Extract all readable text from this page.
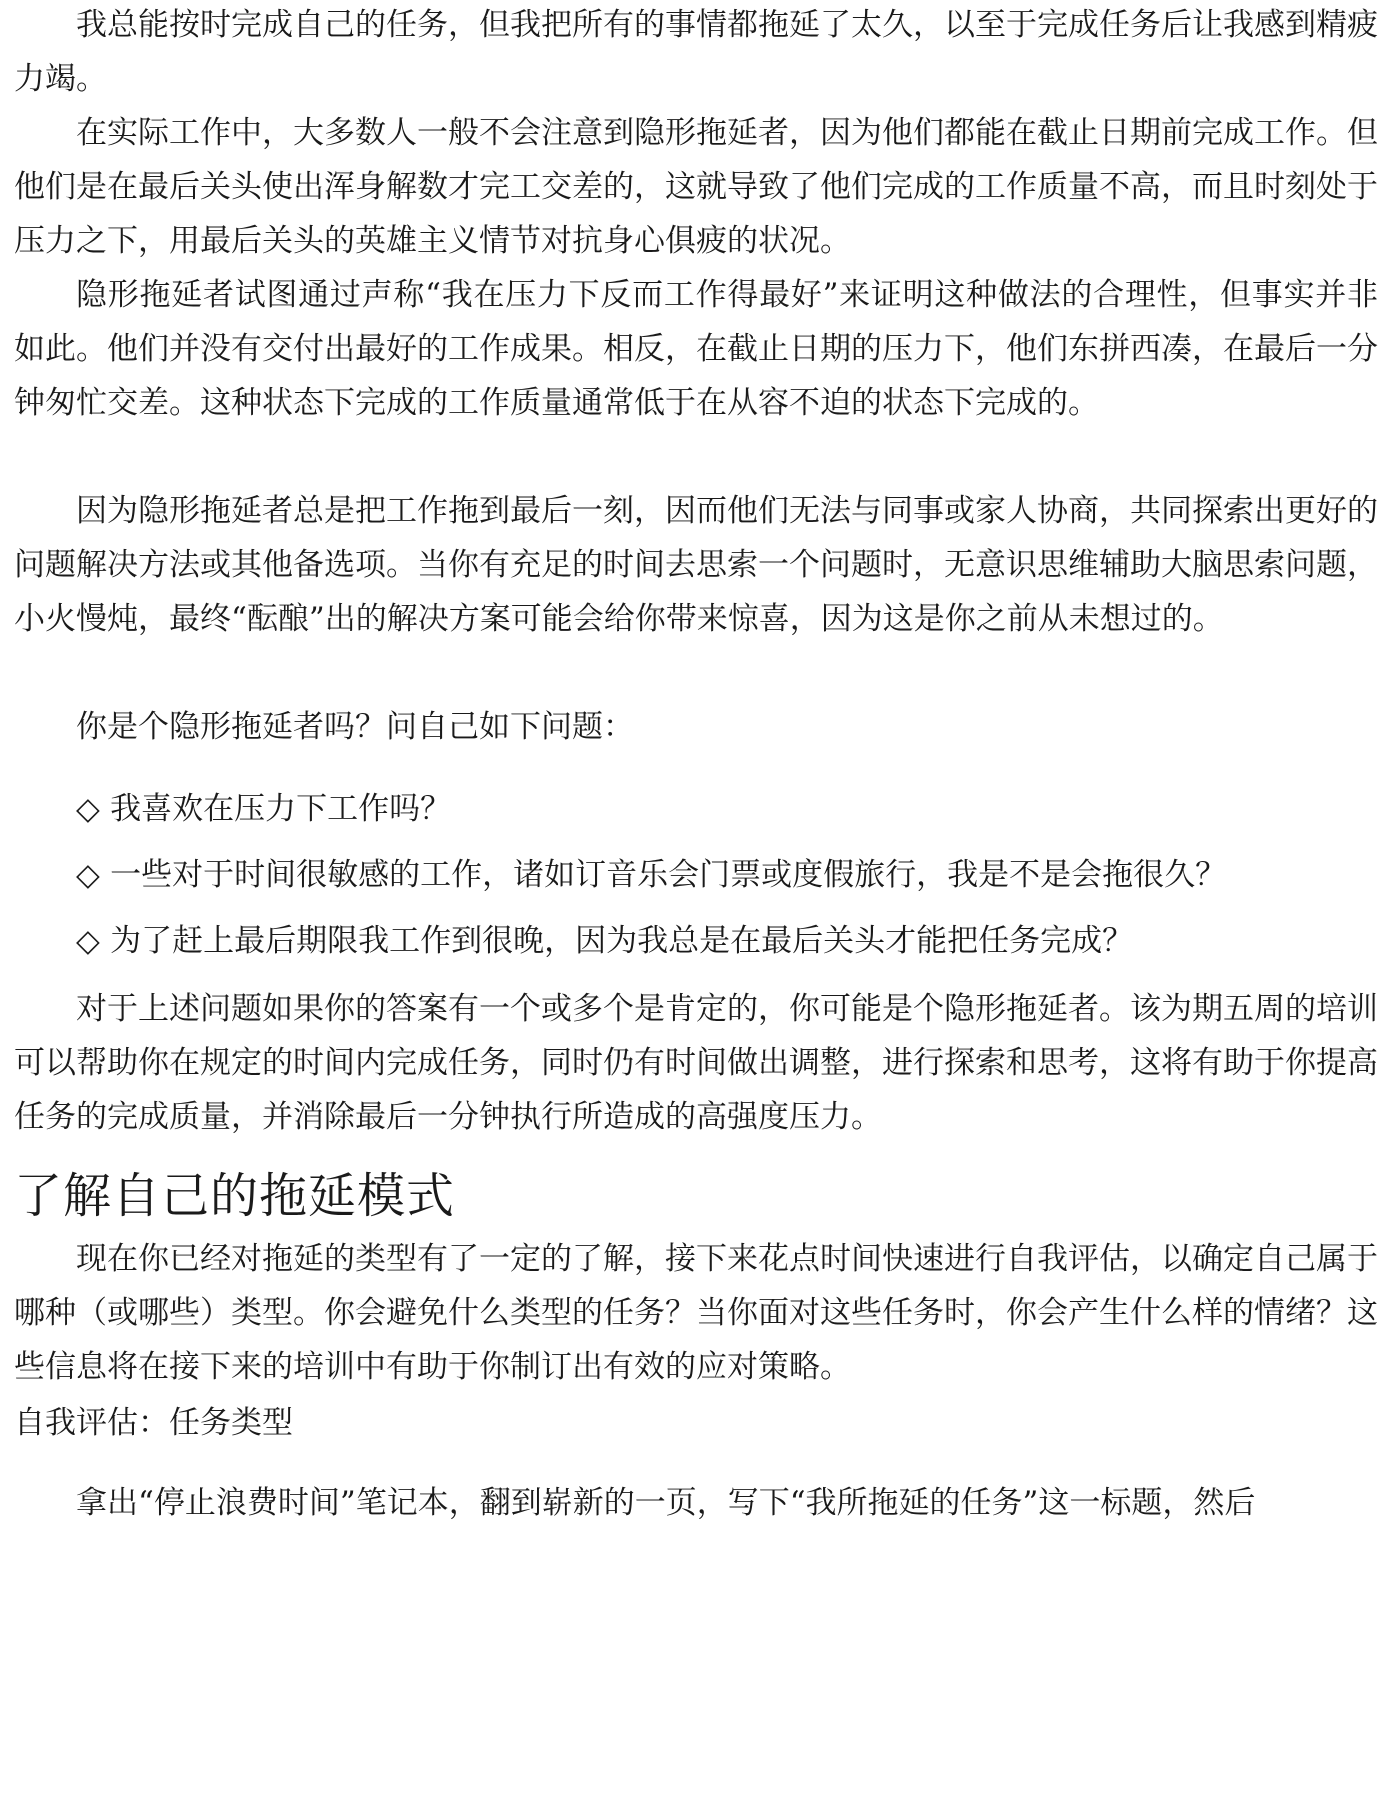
我总能按时完成自己的任务，但我把所有的事情都拖延了太久，以至于完成任务后让我感到精疲力竭。

在实际工作中，大多数人一般不会注意到隐形拖延者，因为他们都能在截止日期前完成工作。但他们是在最后关头使出浑身解数才完工交差的，这就导致了他们完成的工作质量不高，而且时刻处于压力之下，用最后关头的英雄主义情节对抗身心俱疲的状况。

隐形拖延者试图通过声称“我在压力下反而工作得最好”来证明这种做法的合理性，但事实并非如此。他们并没有交付出最好的工作成果。相反，在截止日期的压力下，他们东拼西凑，在最后一分钟匆忙交差。这种状态下完成的工作质量通常低于在从容不迫的状态下完成的。

因为隐形拖延者总是把工作拖到最后一刻，因而他们无法与同事或家人协商，共同探索出更好的问题解决方法或其他备选项。当你有充足的时间去思索一个问题时，无意识思维辅助大脑思索问题，小火慢炖，最终“酝酿”出的解决方案可能会给你带来惊喜，因为这是你之前从未想过的。

你是个隐形拖延者吗？问自己如下问题：

◇ 我喜欢在压力下工作吗？
◇ 一些对于时间很敏感的工作，诸如订音乐会门票或度假旅行，我是不是会拖很久？
◇ 为了赶上最后期限我工作到很晚，因为我总是在最后关头才能把任务完成？

对于上述问题如果你的答案有一个或多个是肯定的，你可能是个隐形拖延者。该为期五周的培训可以帮助你在规定的时间内完成任务，同时仍有时间做出调整，进行探索和思考，这将有助于你提高任务的完成质量，并消除最后一分钟执行所造成的高强度压力。

了解自己的拖延模式

现在你已经对拖延的类型有了一定的了解，接下来花点时间快速进行自我评估，以确定自己属于哪种（或哪些）类型。你会避免什么类型的任务？当你面对这些任务时，你会产生什么样的情绪？这些信息将在接下来的培训中有助于你制订出有效的应对策略。

自我评估：任务类型

拿出“停止浪费时间”笔记本，翻到崭新的一页，写下“我所拖延的任务”这一标题，然后
